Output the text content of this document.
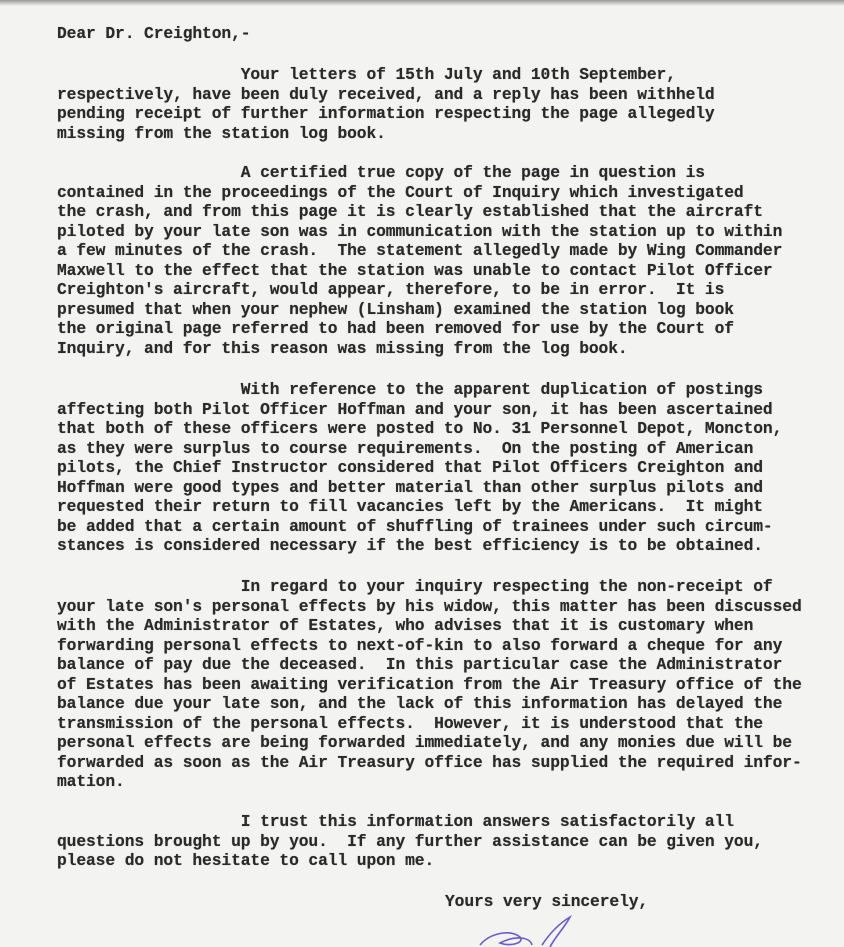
Dear Dr. Creighton,-
Your letters of 15th July and 10th September,
respectively, have been duly received, and a reply has been withheld
pending receipt of further information respecting the page allegedly
missing from the station log book.
A certified true copy of the page in question is
contained in the proceedings of the Court of Inquiry which investigated
the crash, and from this page it is clearly established that the aircraft
piloted by your late son was in communication with the station up to within
a few minutes of the crash.  The statement allegedly made by Wing Commander
Maxwell to the effect that the station was unable to contact Pilot Officer
Creighton's aircraft, would appear, therefore, to be in error.  It is
presumed that when your nephew (Linsham) examined the station log book
the original page referred to had been removed for use by the Court of
Inquiry, and for this reason was missing from the log book.
With reference to the apparent duplication of postings
affecting both Pilot Officer Hoffman and your son, it has been ascertained
that both of these officers were posted to No. 31 Personnel Depot, Moncton,
as they were surplus to course requirements.  On the posting of American
pilots, the Chief Instructor considered that Pilot Officers Creighton and
Hoffman were good types and better material than other surplus pilots and
requested their return to fill vacancies left by the Americans.  It might
be added that a certain amount of shuffling of trainees under such circum-
stances is considered necessary if the best efficiency is to be obtained.
In regard to your inquiry respecting the non-receipt of
your late son's personal effects by his widow, this matter has been discussed
with the Administrator of Estates, who advises that it is customary when
forwarding personal effects to next-of-kin to also forward a cheque for any
balance of pay due the deceased.  In this particular case the Administrator
of Estates has been awaiting verification from the Air Treasury office of the
balance due your late son, and the lack of this information has delayed the
transmission of the personal effects.  However, it is understood that the
personal effects are being forwarded immediately, and any monies due will be
forwarded as soon as the Air Treasury office has supplied the required infor-
mation.
I trust this information answers satisfactorily all
questions brought up by you.  If any further assistance can be given you,
please do not hesitate to call upon me.
Yours very sincerely,
